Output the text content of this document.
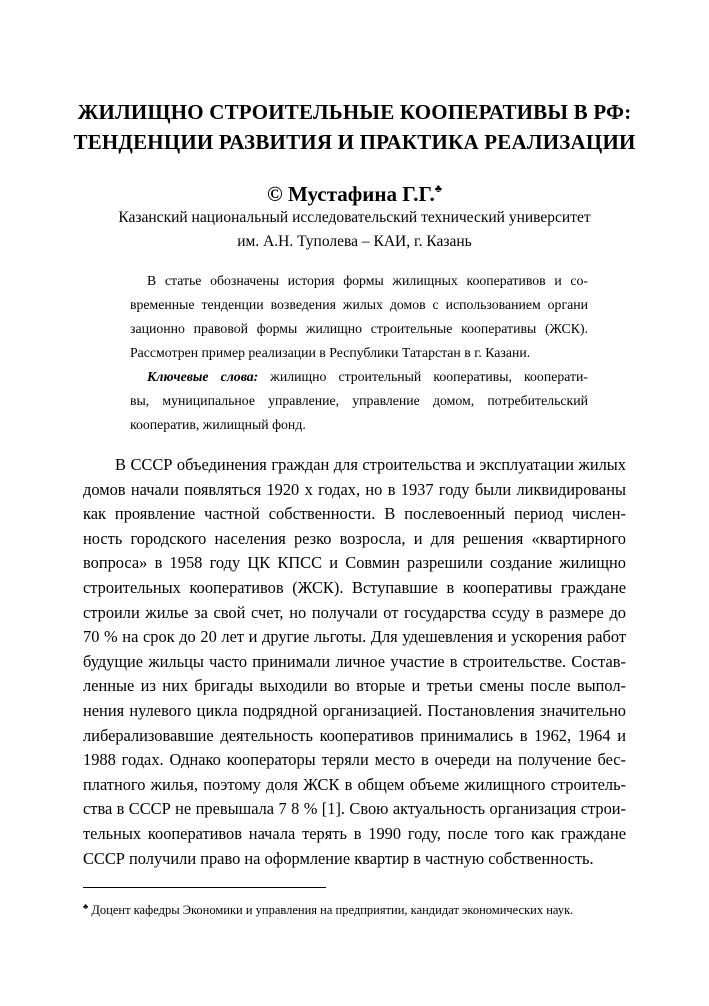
ЖИЛИЩНО СТРОИТЕЛЬНЫЕ КООПЕРАТИВЫ В РФ:
ТЕНДЕНЦИИ РАЗВИТИЯ И ПРАКТИКА РЕАЛИЗАЦИИ
© Мустафина Г.Г.♣
Казанский национальный исследовательский технический университет
им. А.Н. Туполева – КАИ, г. Казань
В статье обозначены история формы жилищных кооперативов и со-
временные тенденции возведения жилых домов с использованием органи
зационно правовой формы жилищно строительные кооперативы (ЖСК).
Рассмотрен пример реализации в Республики Татарстан в г. Казани.
Ключевые слова: жилищно строительный кооперативы, кооперати-
вы, муниципальное управление, управление домом, потребительский
кооператив, жилищный фонд.
В СССР объединения граждан для строительства и эксплуатации жилых
домов начали появляться 1920 х годах, но в 1937 году были ликвидированы
как проявление частной собственности. В послевоенный период числен-
ность городского населения резко возросла, и для решения «квартирного
вопроса» в 1958 году ЦК КПСС и Совмин разрешили создание жилищно
строительных кооперативов (ЖСК). Вступавшие в кооперативы граждане
строили жилье за свой счет, но получали от государства ссуду в размере до
70 % на срок до 20 лет и другие льготы. Для удешевления и ускорения работ
будущие жильцы часто принимали личное участие в строительстве. Состав-
ленные из них бригады выходили во вторые и третьи смены после выпол-
нения нулевого цикла подрядной организацией. Постановления значительно
либерализовавшие деятельность кооперативов принимались в 1962, 1964 и
1988 годах. Однако кооператоры теряли место в очереди на получение бес-
платного жилья, поэтому доля ЖСК в общем объеме жилищного строитель-
ства в СССР не превышала 7 8 % [1]. Свою актуальность организация строи-
тельных кооперативов начала терять в 1990 году, после того как граждане
СССР получили право на оформление квартир в частную собственность.
♣ Доцент кафедры Экономики и управления на предприятии, кандидат экономических наук.
